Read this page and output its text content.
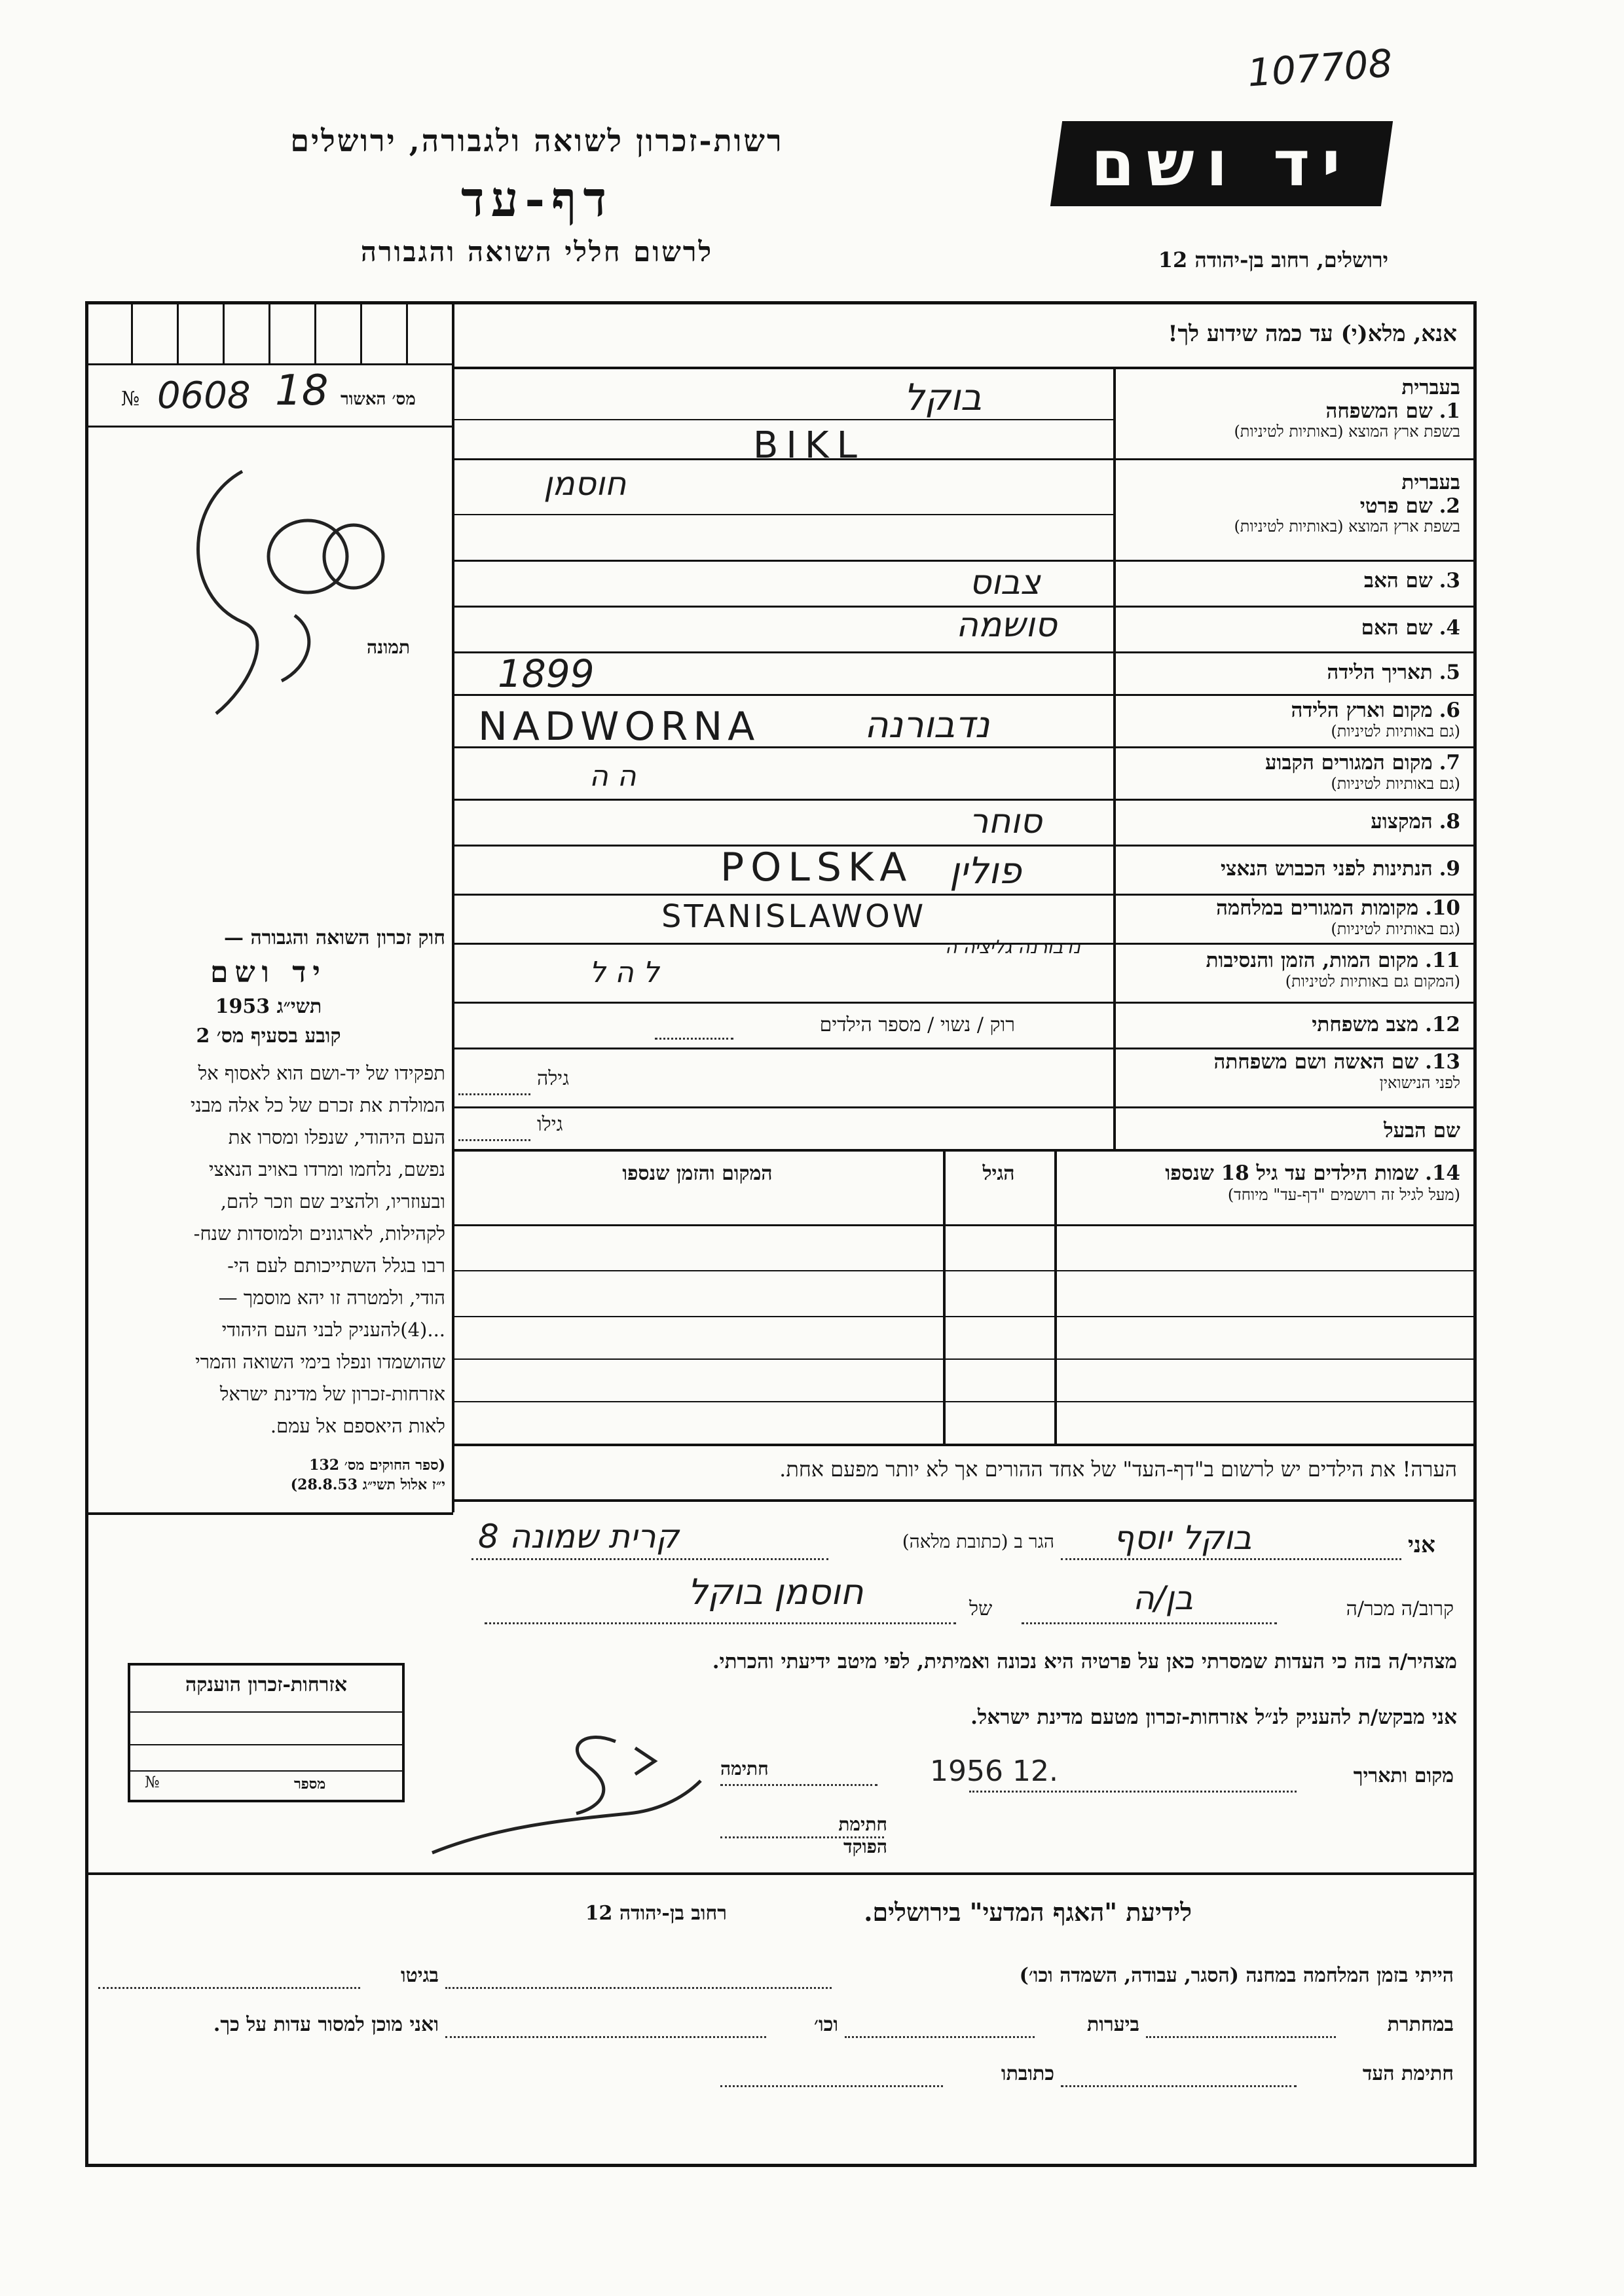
107708
רשות-זכרון לשואה ולגבורה, ירושלים
דף-עד
לרשום חללי השואה והגבורה
יד ושם
ירושלים, רחוב בן-יהודה 12
אנא, מלא(י) עד כמה שידוע לך!
בעברית
1. שם המשפחה
בשפת ארץ המוצא (באותיות לטיניות)
בעברית
2. שם פרטי
בשפת ארץ המוצא (באותיות לטיניות)
3. שם האב
4. שם האם
5. תאריך הלידה
6. מקום וארץ הלידה
(גם באותיות לטיניות)
7. מקום המגורים הקבוע
(גם באותיות לטיניות)
8. המקצוע
9. הנתינות לפני הכבוש הנאצי
10. מקומות המגורים במלחמה
(גם באותיות לטיניות)
11. מקום המות, הזמן והנסיבות
(המקום גם באותיות לטיניות)
12. מצב משפחתי
13. שם האשה ושם משפחתה
לפני הנישואין
שם הבעל
בוקל
BIKL
חוסמן
צבוס
סושמה
1899
NADWORNA	נדבורנה
ה ה
סוחר
POLSKA פולין
STANISLAWOW
נדבורנה גליציה ה
ל ה ל
רוק / נשוי / מספר הילדים
גילה
גילו
14. שמות הילדים עד גיל 18 שנספו
(מעל לגיל זה רושמים "דף-עד" מיוחד)
הגיל
המקום והזמן שנספו
הערה! את הילדים יש לרשום ב"דף-העד" של אחד ההורים אך לא יותר מפעם אחת.
מס׳ האשור
№ 0608 18
תמונה
חוק זכרון השואה והגבורה —
יד ושם
תשי״ג 1953
קובע בסעיף מס׳ 2
תפקידו של יד-ושם הוא לאסוף אל
המולדת את זכרם של כל אלה מבני
העם היהודי, שנפלו ומסרו את
נפשם, נלחמו ומרדו באויב הנאצי
ובעוזריו, ולהציב שם וזכר להם,
לקהילות, לארגונים ולמוסדות שנח-
רבו בגלל השתייכותם לעם הי-
הודי, ולמטרה זו יהא מוסמך —
...(4)להעניק לבני העם היהודי
שהושמדו ונפלו בימי השואה והמרי
אזרחות-זכרון של מדינת ישראל
לאות היאספם אל עמם.
(ספר החוקים מס׳ 132
י״ז אלול תשי״ג 28.8.53)
אזרחות-זכרון הוענקה
מספר
№
אני
בוקל יוסף
הגר ב (כתובת מלאה)
קרית שמונה 8
קרוב/ה מכר/ה
בן/ה
של
חוסמן בוקל
מצהיר/ה בזה כי העדות שמסרתי כאן על פרטיה היא נכונה ואמיתית, לפי מיטב ידיעתי והכרתי.
אני מבקש/ת להעניק לנ״ל אזרחות-זכרון מטעם מדינת ישראל.
מקום ותאריך
1956 12.
חתימה
חתימת הפוקד
לידיעת "האגף המדעי" בירושלים.
רחוב בן-יהודה 12
הייתי בזמן המלחמה במחנה (הסגר, עבודה, השמדה וכו׳)
בגיטו
במחתרת
ביערות
וכו׳
ואני מוכן למסור עדות על כך.
חתימת העד
כתובתו
